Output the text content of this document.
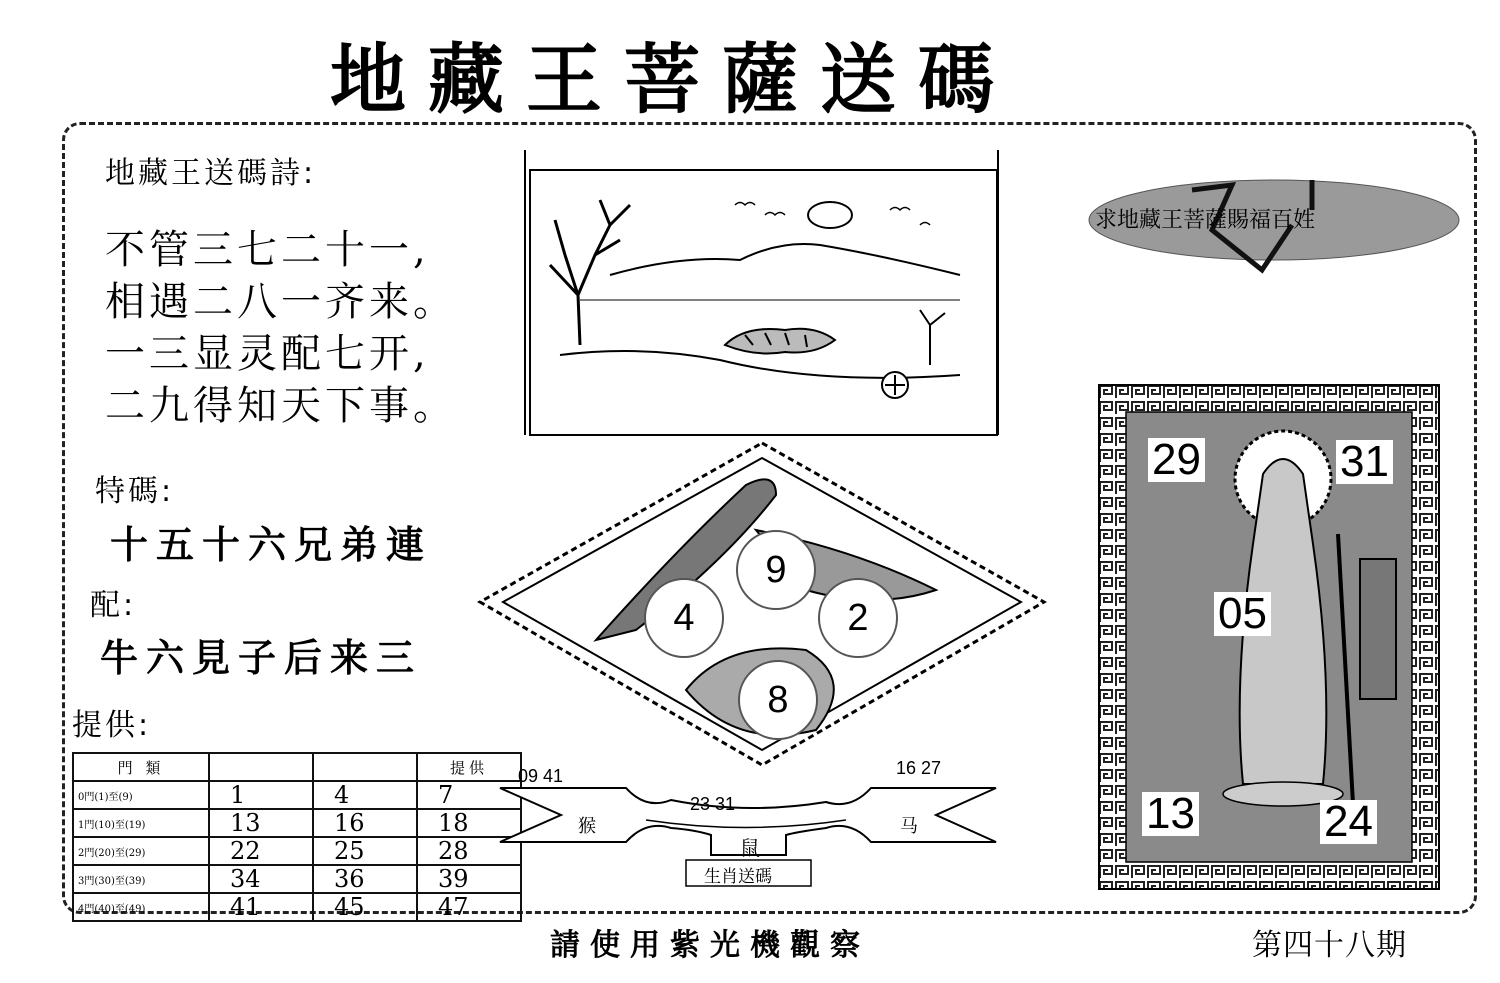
地藏王菩薩送碼
地藏王送碼詩:
不管三七二十一,
相遇二八一齐来。
一三显灵配七开,
二九得知天下事。
特碼:
十五十六兄弟連
配:
牛六見子后来三
提供:
門 類			提供
0門(1)至(9)	1	4	7
1門(10)至(19)	13	16	18
2門(20)至(29)	22	25	28
3門(30)至(39)	34	36	39
4門(40)至(49)	41	45	47
9
4	2
8
09 41
23 31
16 27
猴	马
鼠
生肖送碼
求地藏王菩薩賜福百姓
29	31
05
13	24
請使用紫光機觀察	第四十八期
